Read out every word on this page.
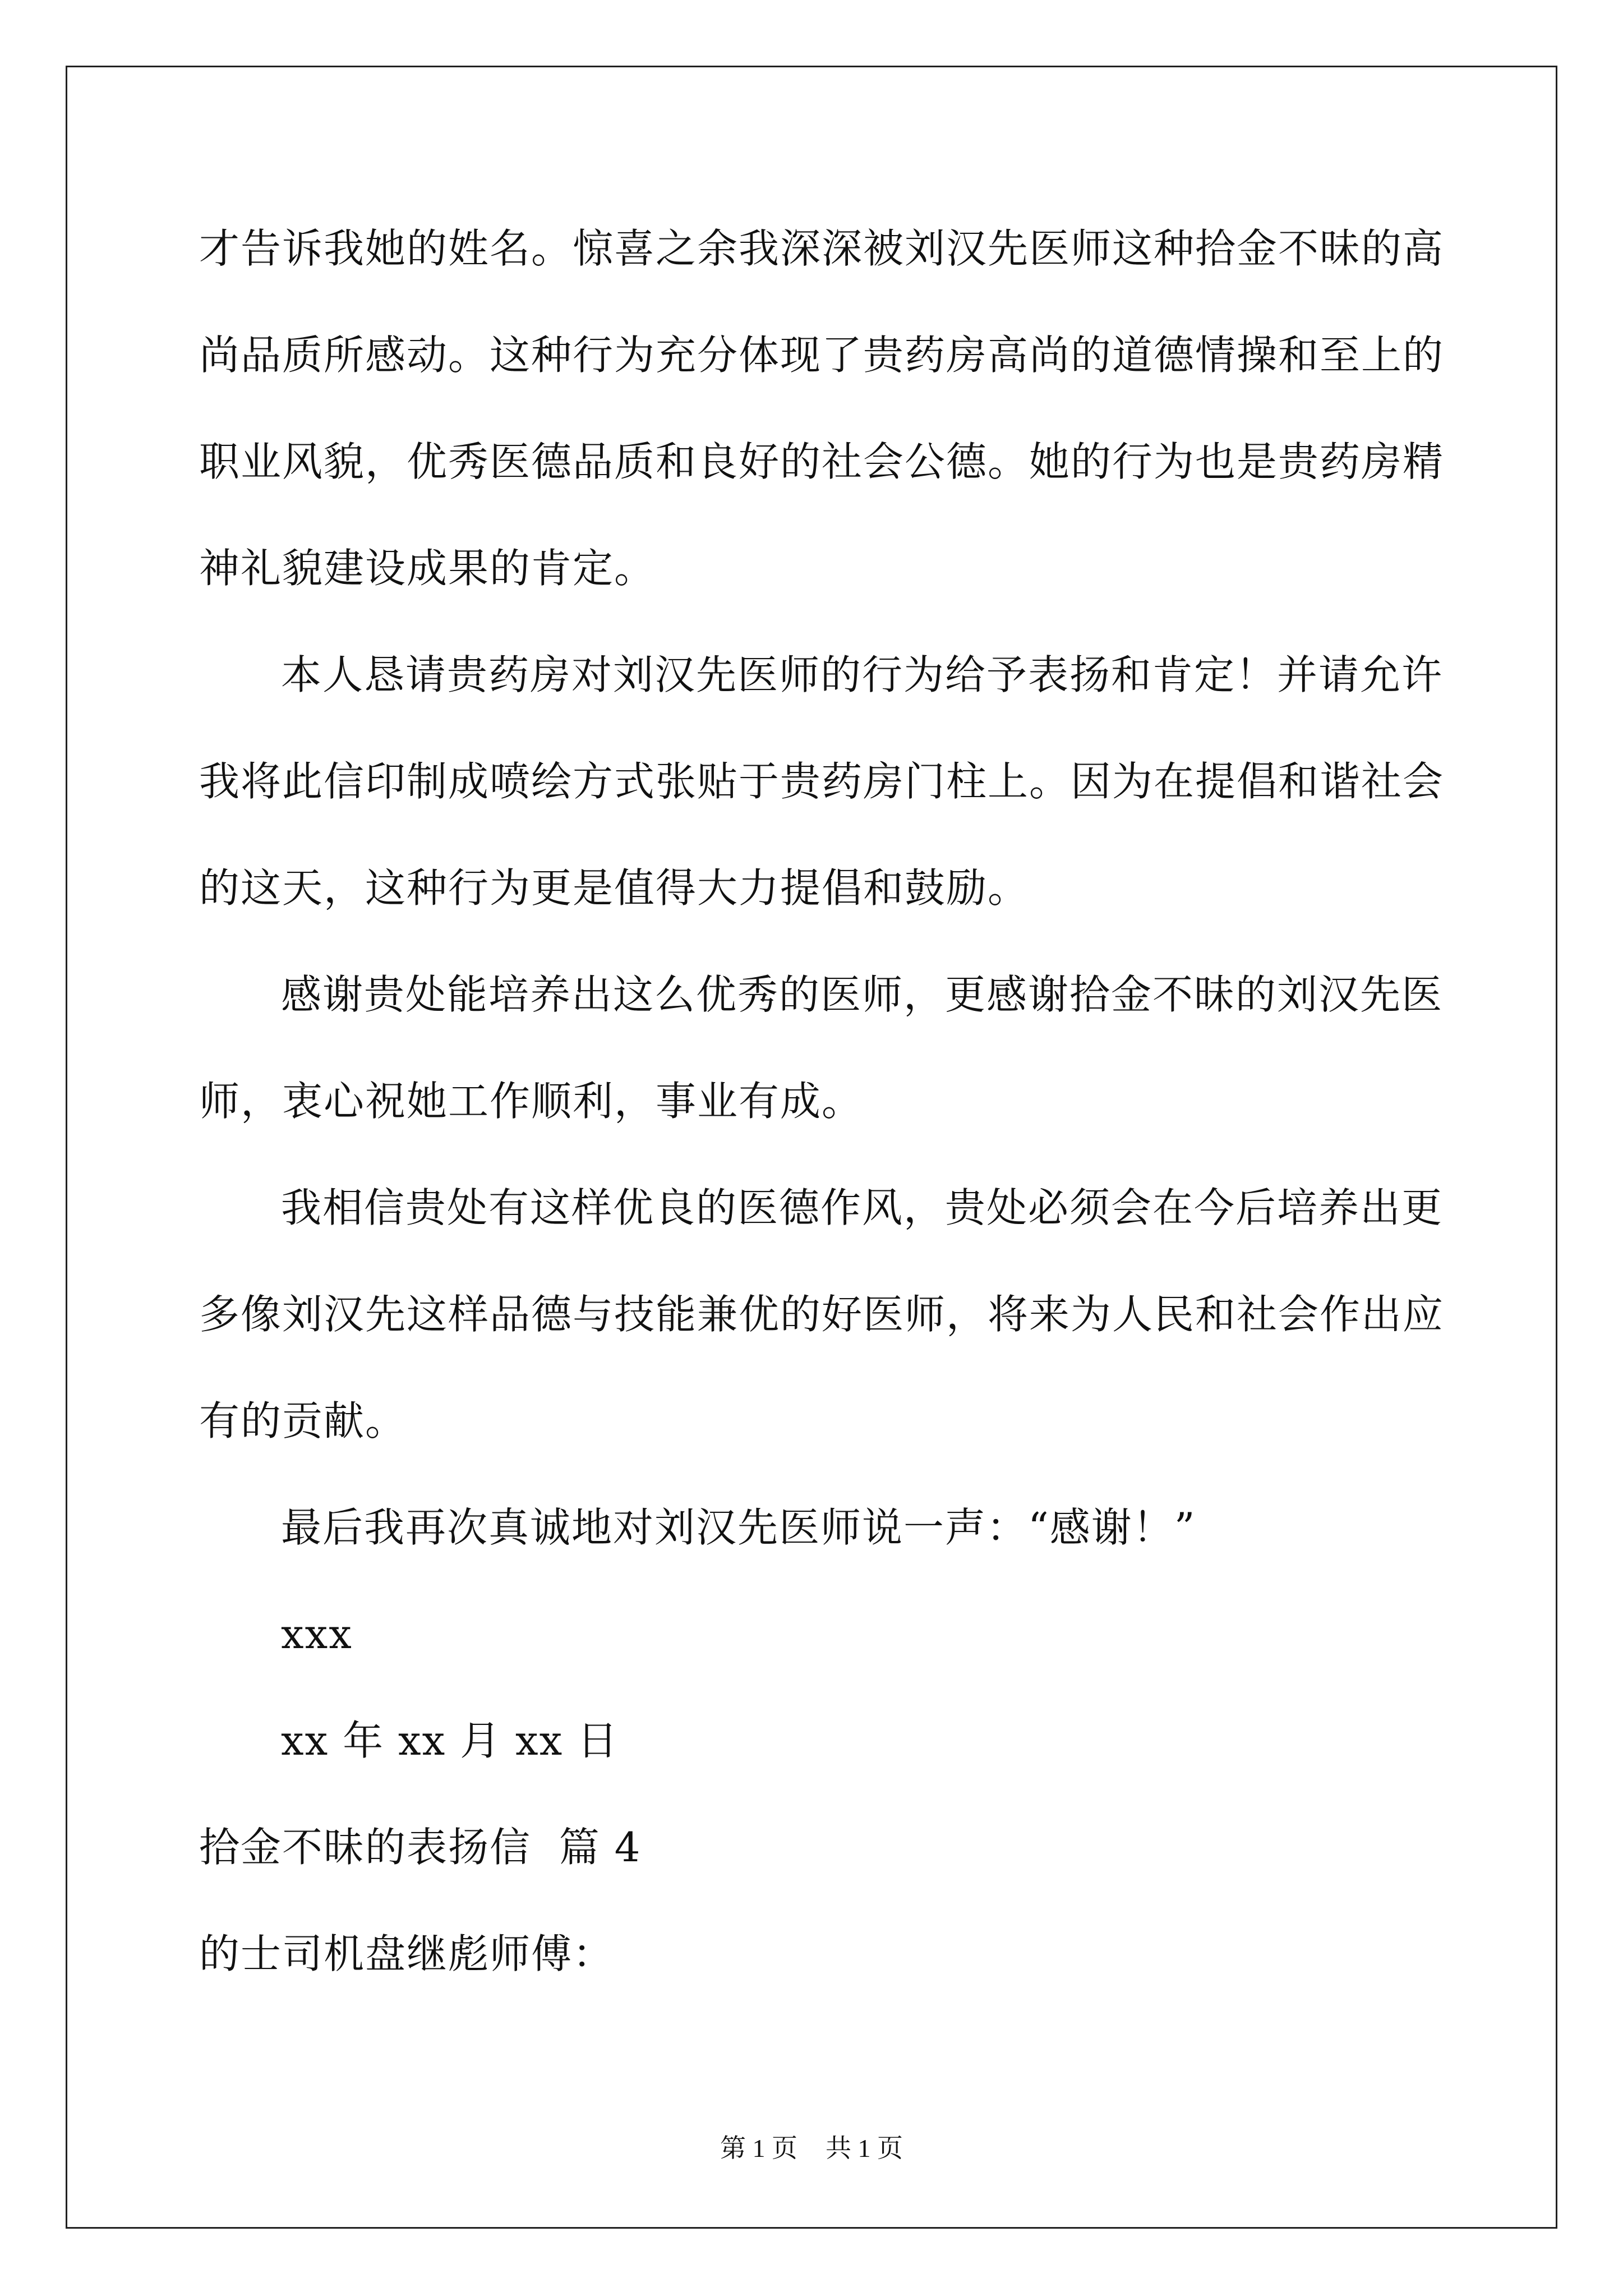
才告诉我她的姓名。惊喜之余我深深被刘汉先医师这种拾金不昧的高
尚品质所感动。这种行为充分体现了贵药房高尚的道德情操和至上的
职业风貌，优秀医德品质和良好的社会公德。她的行为也是贵药房精
神礼貌建设成果的肯定。
本人恳请贵药房对刘汉先医师的行为给予表扬和肯定！并请允许
我将此信印制成喷绘方式张贴于贵药房门柱上。因为在提倡和谐社会
的这天，这种行为更是值得大力提倡和鼓励。
感谢贵处能培养出这么优秀的医师，更感谢拾金不昧的刘汉先医
师，衷心祝她工作顺利，事业有成。
我相信贵处有这样优良的医德作风，贵处必须会在今后培养出更
多像刘汉先这样品德与技能兼优的好医师，将来为人民和社会作出应
有的贡献。
最后我再次真诚地对刘汉先医师说一声：“感谢！”
xxx
xx 年 xx 月 xx 日
拾金不昧的表扬信  篇 4
的士司机盘继彪师傅：
第 1 页 共 1 页
